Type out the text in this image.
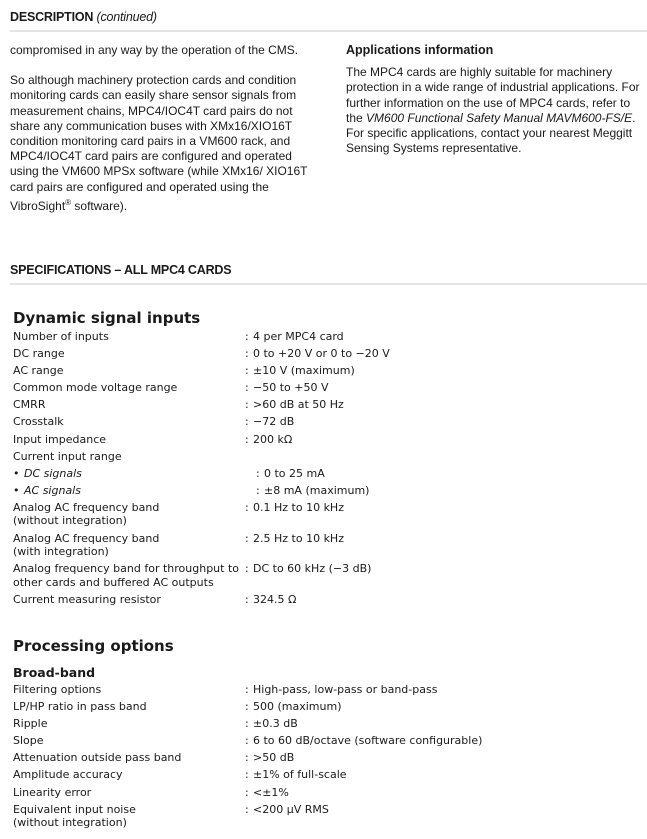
DESCRIPTION (continued)

compromised in any way by the operation of the CMS.

So although machinery protection cards and condition monitoring cards can easily share sensor signals from measurement chains, MPC4/IOC4T card pairs do not share any communication buses with XMx16/XIO16T condition monitoring card pairs in a VM600 rack, and MPC4/IOC4T card pairs are configured and operated using the VM600 MPSx software (while XMx16/ XIO16T card pairs are configured and operated using the VibroSight® software).

Applications information

The MPC4 cards are highly suitable for machinery protection in a wide range of industrial applications. For further information on the use of MPC4 cards, refer to the VM600 Functional Safety Manual MAVM600-FS/E. For specific applications, contact your nearest Meggitt Sensing Systems representative.

SPECIFICATIONS – ALL MPC4 CARDS
Dynamic signal inputs
Number of inputs	: 4 per MPC4 card
DC range	: 0 to +20 V or 0 to −20 V
AC range	: ±10 V (maximum)
Common mode voltage range	: −50 to +50 V
CMRR	: >60 dB at 50 Hz
Crosstalk	: −72 dB
Input impedance	: 200 kΩ
Current input range
• DC signals	: 0 to 25 mA
• AC signals	: ±8 mA (maximum)
Analog AC frequency band
(without integration)
: 0.1 Hz to 10 kHz
Analog AC frequency band
(with integration)
: 2.5 Hz to 10 kHz
Analog frequency band for throughput to
other cards and buffered AC outputs
: DC to 60 kHz (−3 dB)
Current measuring resistor	: 324.5 Ω
Processing options
Broad-band
Filtering options	: High-pass, low-pass or band-pass
LP/HP ratio in pass band	: 500 (maximum)
Ripple	: ±0.3 dB
Slope	: 6 to 60 dB/octave (software configurable)
Attenuation outside pass band	: >50 dB
Amplitude accuracy	: ±1% of full-scale
Linearity error	: <±1%
Equivalent input noise
(without integration)
: <200 µV RMS
